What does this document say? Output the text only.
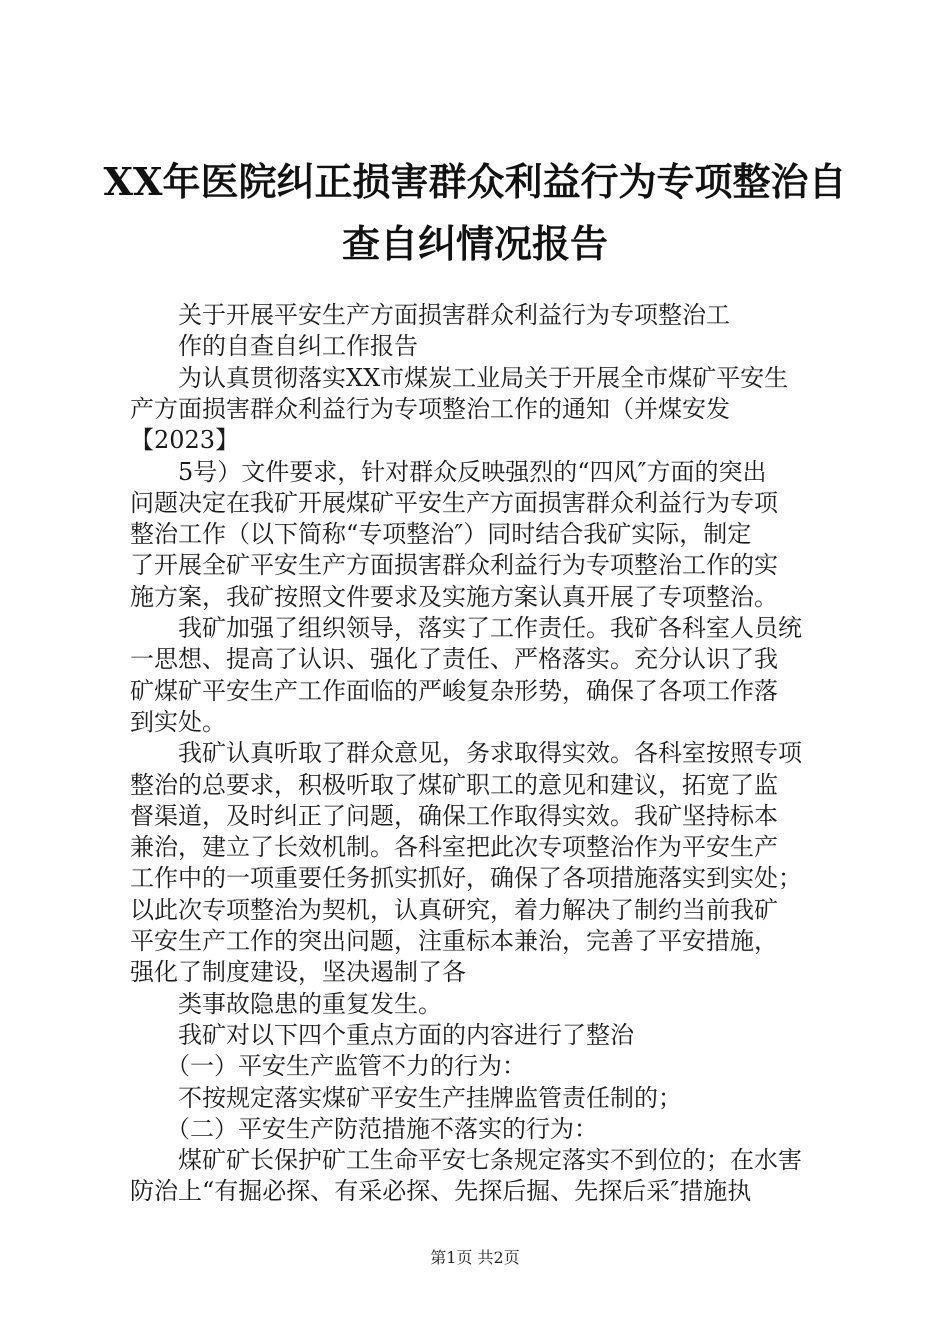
XX年医院纠正损害群众利益行为专项整治自
查自纠情况报告
　　关于开展平安生产方面损害群众利益行为专项整治工
　　作的自查自纠工作报告
　　为认真贯彻落实XX市煤炭工业局关于开展全市煤矿平安生
产方面损害群众利益行为专项整治工作的通知（并煤安发
【2023】
　　5号）文件要求，针对群众反映强烈的“四风″方面的突出
问题决定在我矿开展煤矿平安生产方面损害群众利益行为专项
整治工作（以下简称“专项整治″）同时结合我矿实际，制定
了开展全矿平安生产方面损害群众利益行为专项整治工作的实
施方案，我矿按照文件要求及实施方案认真开展了专项整治。
　　我矿加强了组织领导，落实了工作责任。我矿各科室人员统
一思想、提高了认识、强化了责任、严格落实。充分认识了我
矿煤矿平安生产工作面临的严峻复杂形势，确保了各项工作落
到实处。
　　我矿认真听取了群众意见，务求取得实效。各科室按照专项
整治的总要求，积极听取了煤矿职工的意见和建议，拓宽了监
督渠道，及时纠正了问题，确保工作取得实效。我矿坚持标本
兼治，建立了长效机制。各科室把此次专项整治作为平安生产
工作中的一项重要任务抓实抓好，确保了各项措施落实到实处；
以此次专项整治为契机，认真研究，着力解决了制约当前我矿
平安生产工作的突出问题，注重标本兼治，完善了平安措施，
强化了制度建设，坚决遏制了各
　　类事故隐患的重复发生。
　　我矿对以下四个重点方面的内容进行了整治
　　（一）平安生产监管不力的行为：
　　不按规定落实煤矿平安生产挂牌监管责任制的；
　　（二）平安生产防范措施不落实的行为：
　　煤矿矿长保护矿工生命平安七条规定落实不到位的；在水害
防治上“有掘必探、有采必探、先探后掘、先探后采″措施执
第1页 共2页
